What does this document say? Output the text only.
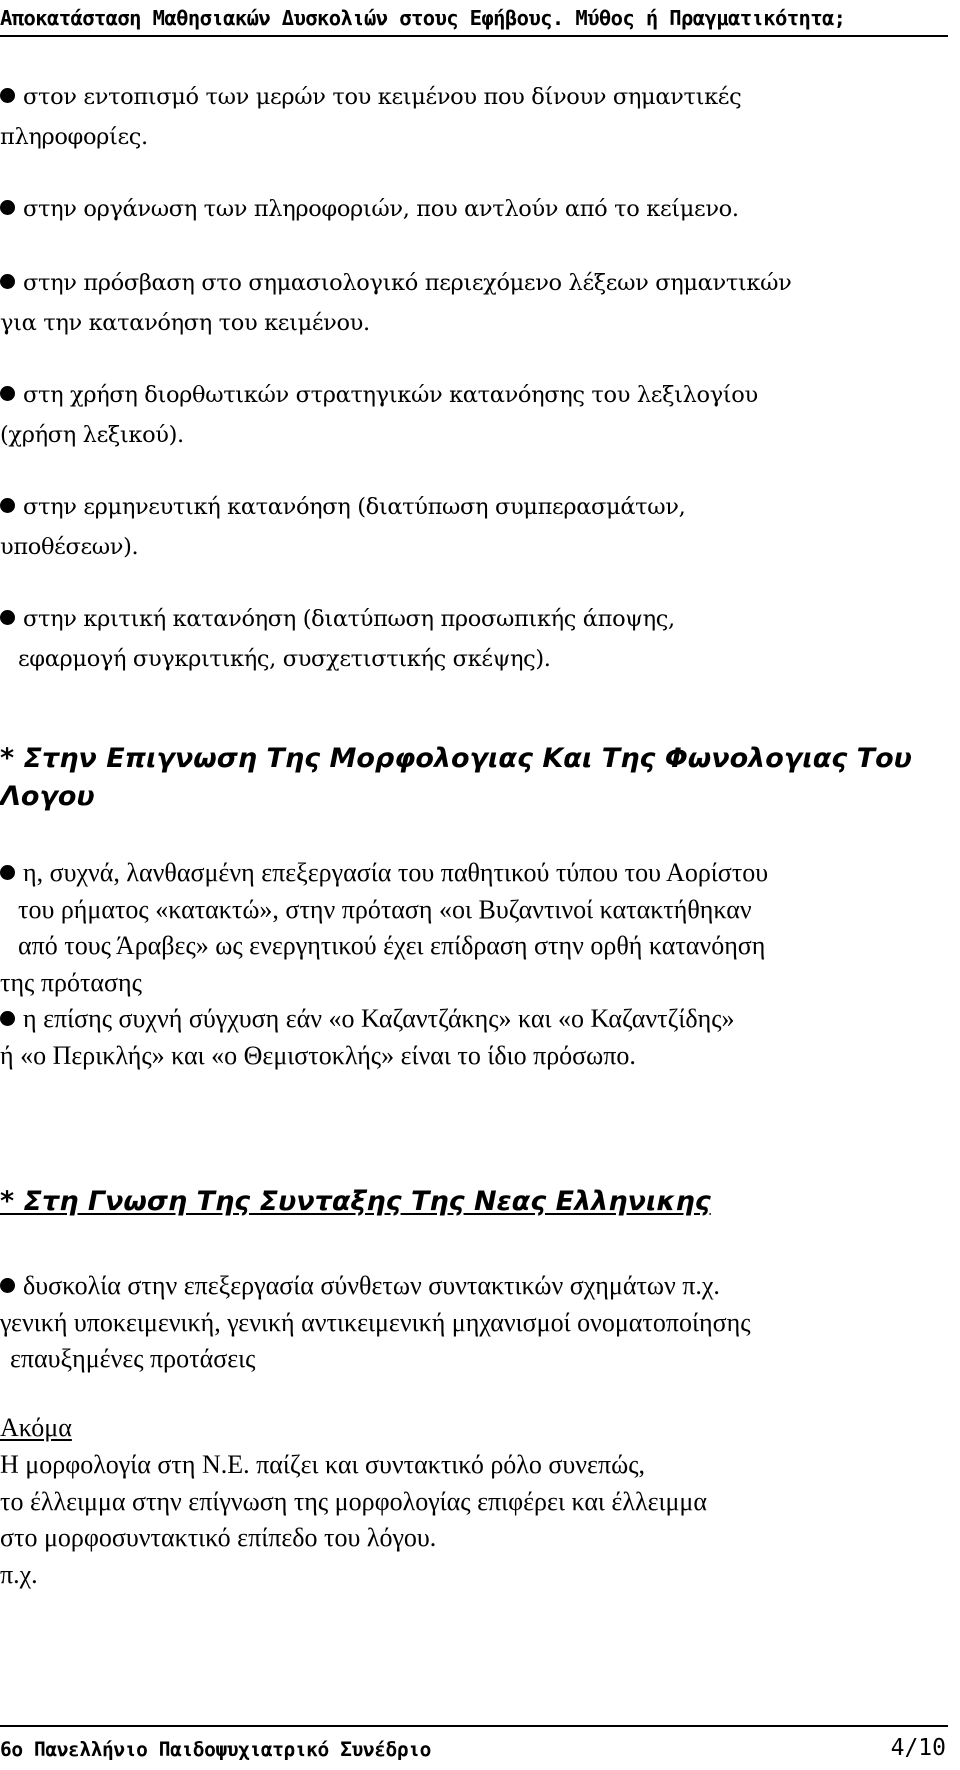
Αποκατάσταση Μαθησιακών Δυσκολιών στους Εφήβους. Μύθος ή Πραγματικότητα;
στον εντοπισμό των μερών του κειμένου που δίνουν σημαντικές
πληροφορίες.
στην οργάνωση των πληροφοριών, που αντλούν από το κείμενο.
στην πρόσβαση στο σημασιολογικό περιεχόμενο λέξεων σημαντικών
για την κατανόηση του κειμένου.
στη χρήση διορθωτικών στρατηγικών κατανόησης του λεξιλογίου
(χρήση λεξικού).
στην ερμηνευτική κατανόηση (διατύπωση συμπερασμάτων,
υποθέσεων).
στην κριτική κατανόηση (διατύπωση προσωπικής άποψης,
εφαρμογή συγκριτικής, συσχετιστικής σκέψης).
* Στην Επιγνωση Της Μορφολογιας Και Της Φωνολογιας Του
Λογου
η, συχνά, λανθασμένη επεξεργασία του παθητικού τύπου του Αορίστου
του ρήματος «κατακτώ», στην πρόταση «οι Βυζαντινοί κατακτήθηκαν
από τους Άραβες» ως ενεργητικού έχει επίδραση στην ορθή κατανόηση
της πρότασης
η επίσης συχνή σύγχυση εάν «ο Καζαντζάκης» και «ο Καζαντζίδης»
ή «ο Περικλής» και «ο Θεμιστοκλής» είναι το ίδιο πρόσωπο.
* Στη Γνωση Της Συνταξης Της Νεας Ελληνικης
δυσκολία στην επεξεργασία σύνθετων συντακτικών σχημάτων π.χ.
γενική υποκειμενική, γενική αντικειμενική μηχανισμοί ονοματοποίησης
επαυξημένες προτάσεις
Ακόμα
Η μορφολογία στη Ν.Ε. παίζει και συντακτικό ρόλο συνεπώς,
το έλλειμμα στην επίγνωση της μορφολογίας επιφέρει και έλλειμμα
στο μορφοσυντακτικό επίπεδο του λόγου.
π.χ.
6ο Πανελλήνιο Παιδοψυχιατρικό Συνέδριο	4/10
